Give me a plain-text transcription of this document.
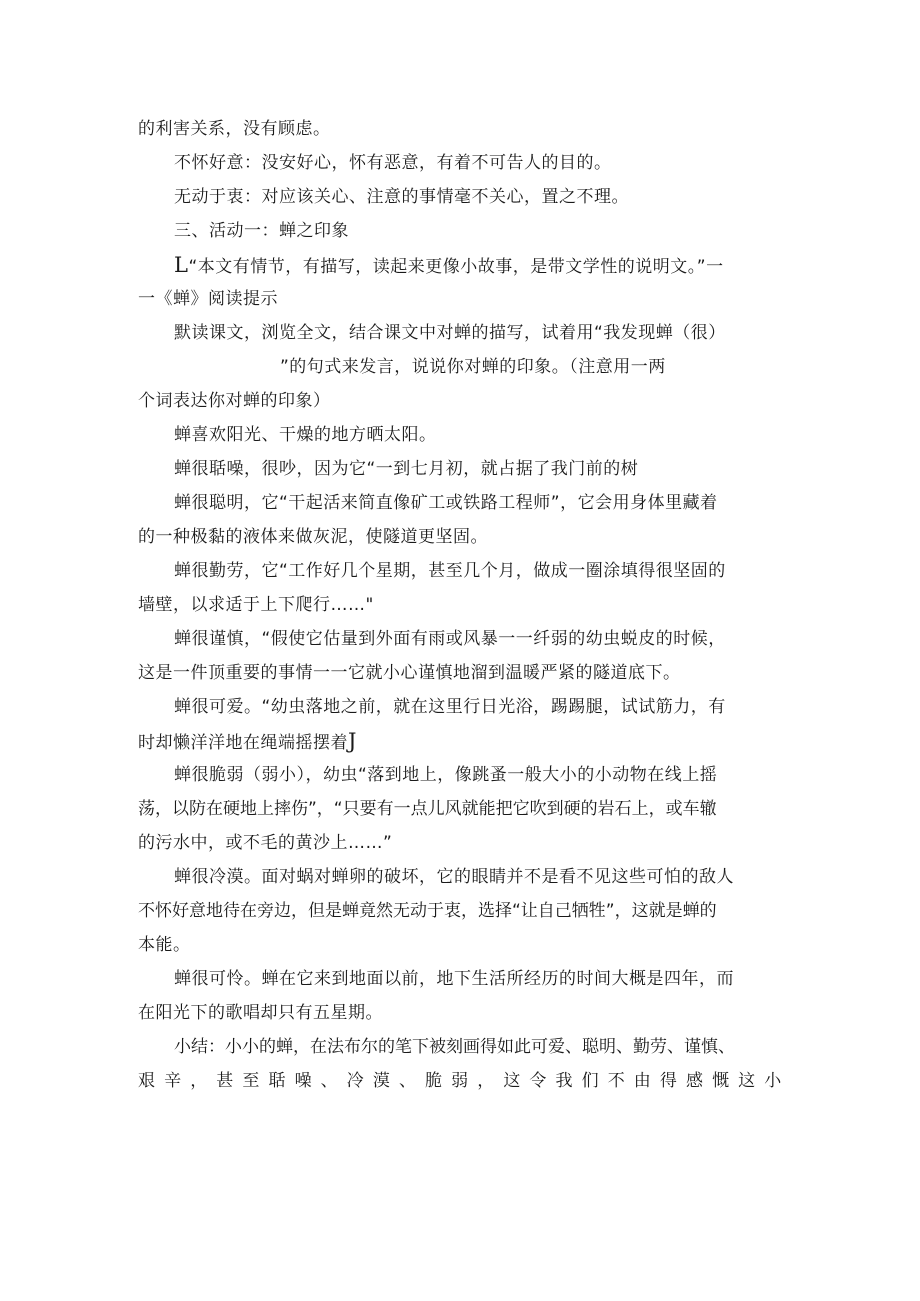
的利害关系，没有顾虑。
不怀好意：没安好心，怀有恶意，有着不可告人的目的。
无动于衷：对应该关心、注意的事情毫不关心，置之不理。
三、活动一：蝉之印象
L“本文有情节，有描写，读起来更像小故事，是带文学性的说明文。”一
一《蝉》阅读提示
默读课文，浏览全文，结合课文中对蝉的描写，试着用“我发现蝉（很）
”的句式来发言，说说你对蝉的印象。（注意用一两
个词表达你对蝉的印象）
蝉喜欢阳光、干燥的地方晒太阳。
蝉很聒噪，很吵，因为它“一到七月初，就占据了我门前的树
蝉很聪明，它“干起活来简直像矿工或铁路工程师”，它会用身体里藏着
的一种极黏的液体来做灰泥，使隧道更坚固。
蝉很勤劳，它“工作好几个星期，甚至几个月，做成一圈涂填得很坚固的
墙壁，以求适于上下爬行……"
蝉很谨慎，“假使它估量到外面有雨或风暴一一纤弱的幼虫蜕皮的时候，
这是一件顶重要的事情一一它就小心谨慎地溜到温暖严紧的隧道底下。
蝉很可爱。“幼虫落地之前，就在这里行日光浴，踢踢腿，试试筋力，有
时却懒洋洋地在绳端摇摆着J
蝉很脆弱（弱小），幼虫“落到地上，像跳蚤一般大小的小动物在线上摇
荡，以防在硬地上摔伤”，“只要有一点儿风就能把它吹到硬的岩石上，或车辙
的污水中，或不毛的黄沙上……”
蝉很冷漠。面对蜗对蝉卵的破坏，它的眼睛并不是看不见这些可怕的敌人
不怀好意地待在旁边，但是蝉竟然无动于衷，选择“让自己牺牲”，这就是蝉的
本能。
蝉很可怜。蝉在它来到地面以前，地下生活所经历的时间大概是四年，而
在阳光下的歌唱却只有五星期。
小结：小小的蝉，在法布尔的笔下被刻画得如此可爱、聪明、勤劳、谨慎、
艰 辛 ， 甚 至 聒 噪 、 冷 漠 、 脆 弱 ， 这 令 我 们 不 由 得 感 慨 这 小
